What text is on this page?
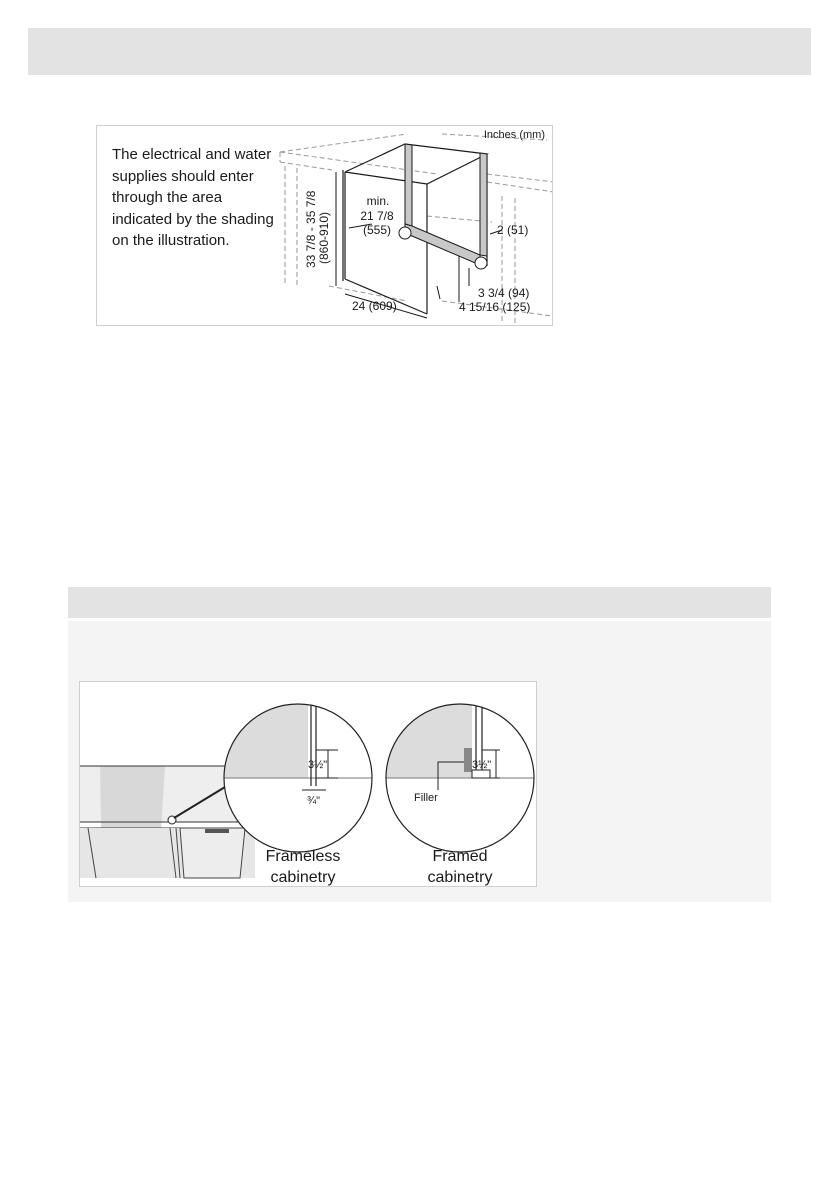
The electrical and water supplies should enter through the area indicated by the shading on the illustration.

Inches (mm)
33 7/8 - 35 7/8 (860-910)
min.
21 7/8
(555)	2 (51)
24 (609)
3 3/4 (94)
4 15/16 (125)
3½"
¾"
3½"
Filler
Frameless
cabinetry
Framed
cabinetry
